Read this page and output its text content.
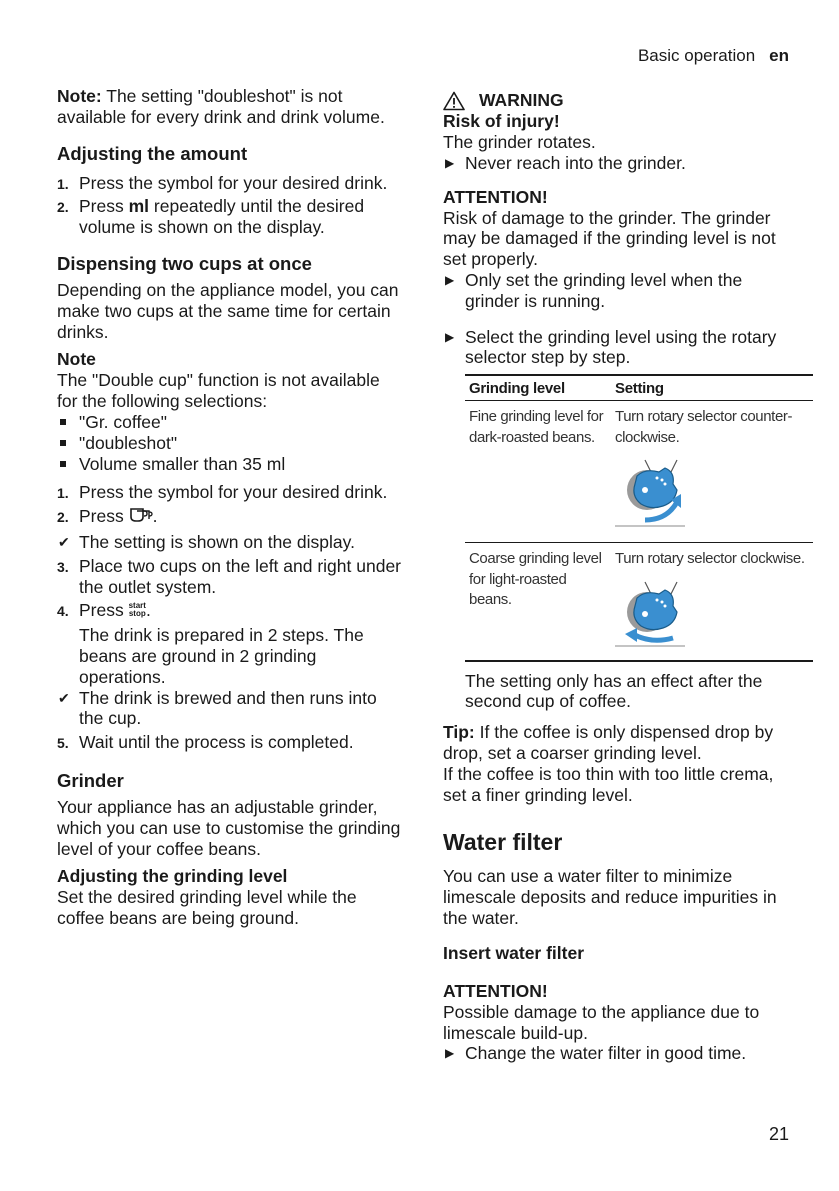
Basic operation en

Note: The setting "doubleshot" is not available for every drink and drink volume.

Adjusting the amount
1. Press the symbol for your desired drink.
2. Press ml repeatedly until the desired volume is shown on the display.
Dispensing two cups at once

Depending on the appliance model, you can make two cups at the same time for certain drinks.

Note

The "Double cup" function is not available for the following selections:

"Gr. coffee"
"doubleshot"
Volume smaller than 35 ml
1. Press the symbol for your desired drink.
2. Press .
✔ The setting is shown on the display.
3. Place two cups on the left and right under the outlet system.
4. Press start
stop .
The drink is prepared in 2 steps. The beans are ground in 2 grinding operations.
✔ The drink is brewed and then runs into the cup.
5. Wait until the process is completed.
Grinder

Your appliance has an adjustable grinder, which you can use to customise the grinding level of your coffee beans.

Adjusting the grinding level

Set the desired grinding level while the coffee beans are being ground.

WARNING
Risk of injury!

The grinder rotates.

▶ Never reach into the grinder.
ATTENTION!

Risk of damage to the grinder. The grinder may be damaged if the grinding level is not set properly.

▶ Only set the grinding level when the grinder is running.
▶ Select the grinding level using the rotary selector step by step.
Grinding level	Setting
Fine grinding level for dark-roasted beans.	Turn rotary selector counter-clockwise.

Coarse grinding level for light-roasted beans.	Turn rotary selector clockwise.

The setting only has an effect after the second cup of coffee.

Tip: If the coffee is only dispensed drop by drop, set a coarser grinding level.

If the coffee is too thin with too little crema, set a finer grinding level.

Water filter

You can use a water filter to minimize limescale deposits and reduce impurities in the water.

Insert water filter
ATTENTION!

Possible damage to the appliance due to limescale build-up.

▶ Change the water filter in good time.
21
